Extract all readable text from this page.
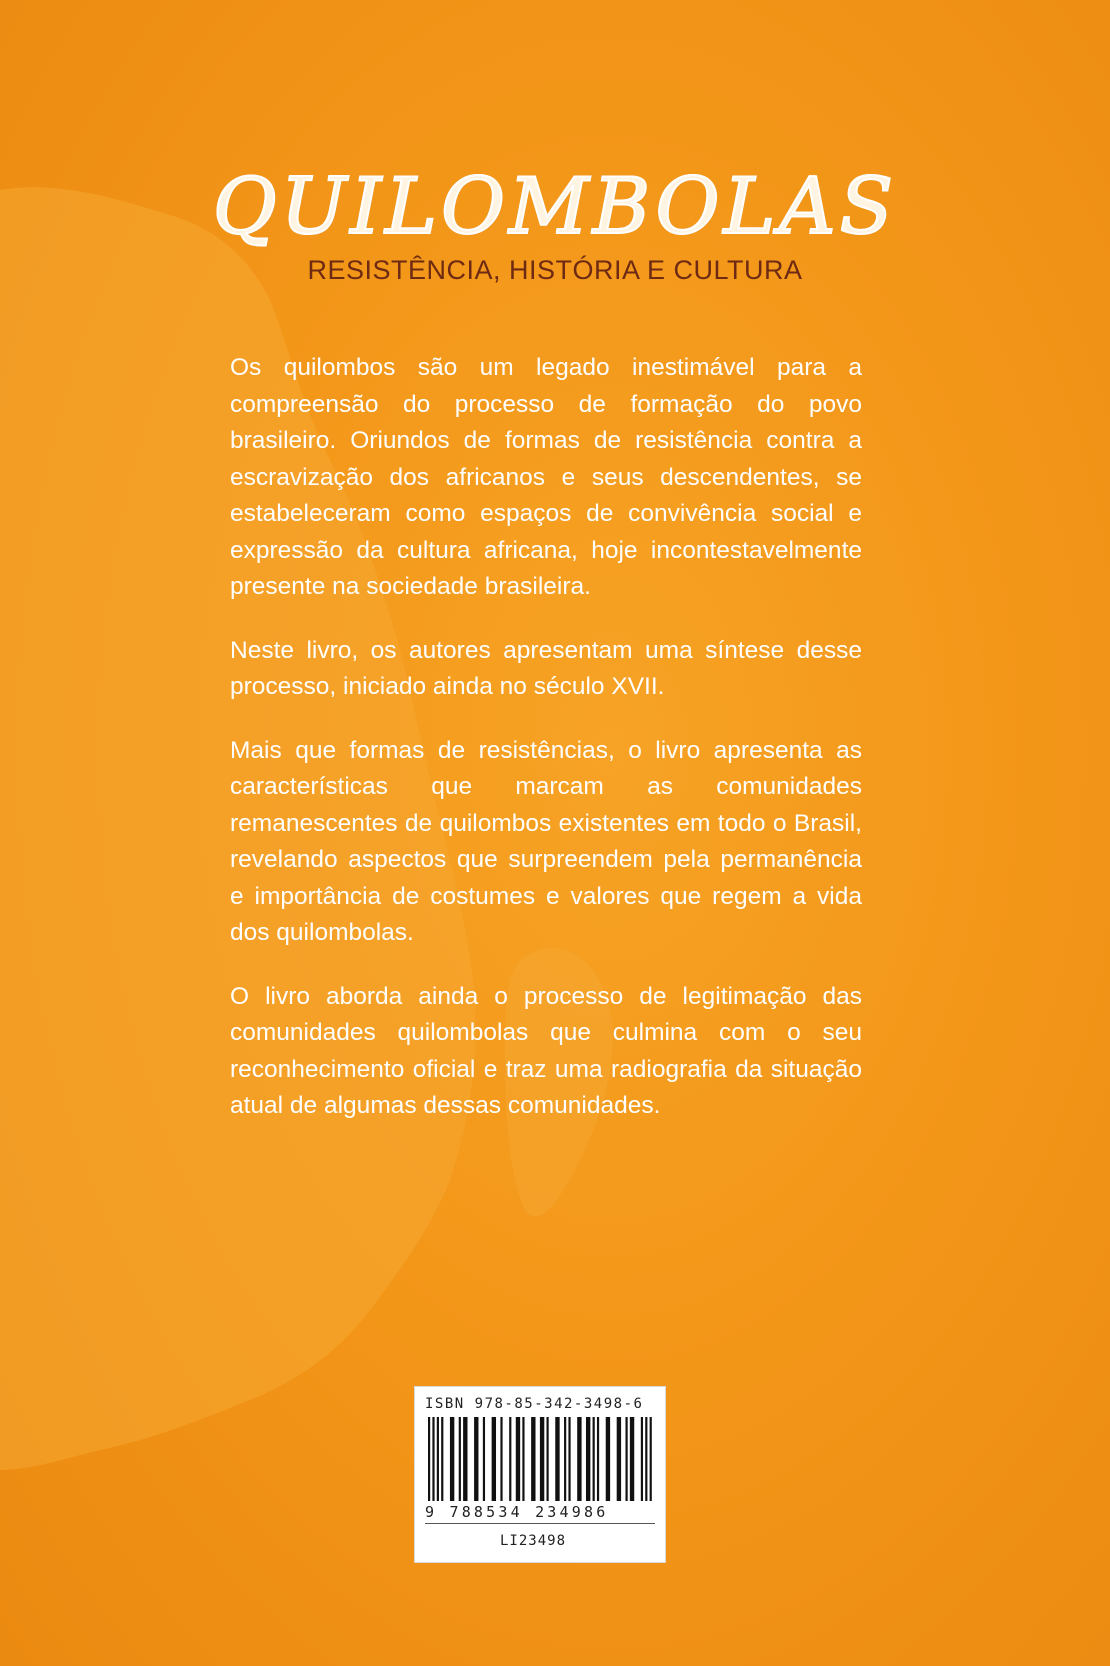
QUILOMBOLAS
RESISTÊNCIA, HISTÓRIA E CULTURA

Os quilombos são um legado inestimável para a compreensão do processo de formação do povo brasileiro. Oriundos de formas de resistência contra a escravização dos africanos e seus descendentes, se estabeleceram como espaços de convivência social e expressão da cultura africana, hoje incontestavelmente presente na sociedade brasileira.

Neste livro, os autores apresentam uma síntese desse processo, iniciado ainda no século XVII.

Mais que formas de resistências, o livro apresenta as características que marcam as comunidades remanescentes de quilombos existentes em todo o Brasil, revelando aspectos que surpreendem pela permanência e importância de costumes e valores que regem a vida dos quilombolas.

O livro aborda ainda o processo de legitimação das comunidades quilombolas que culmina com o seu reconhecimento oficial e traz uma radiografia da situação atual de algumas dessas comunidades.

ISBN 978-85-342-3498-6
9 788534 234986
LI23498
